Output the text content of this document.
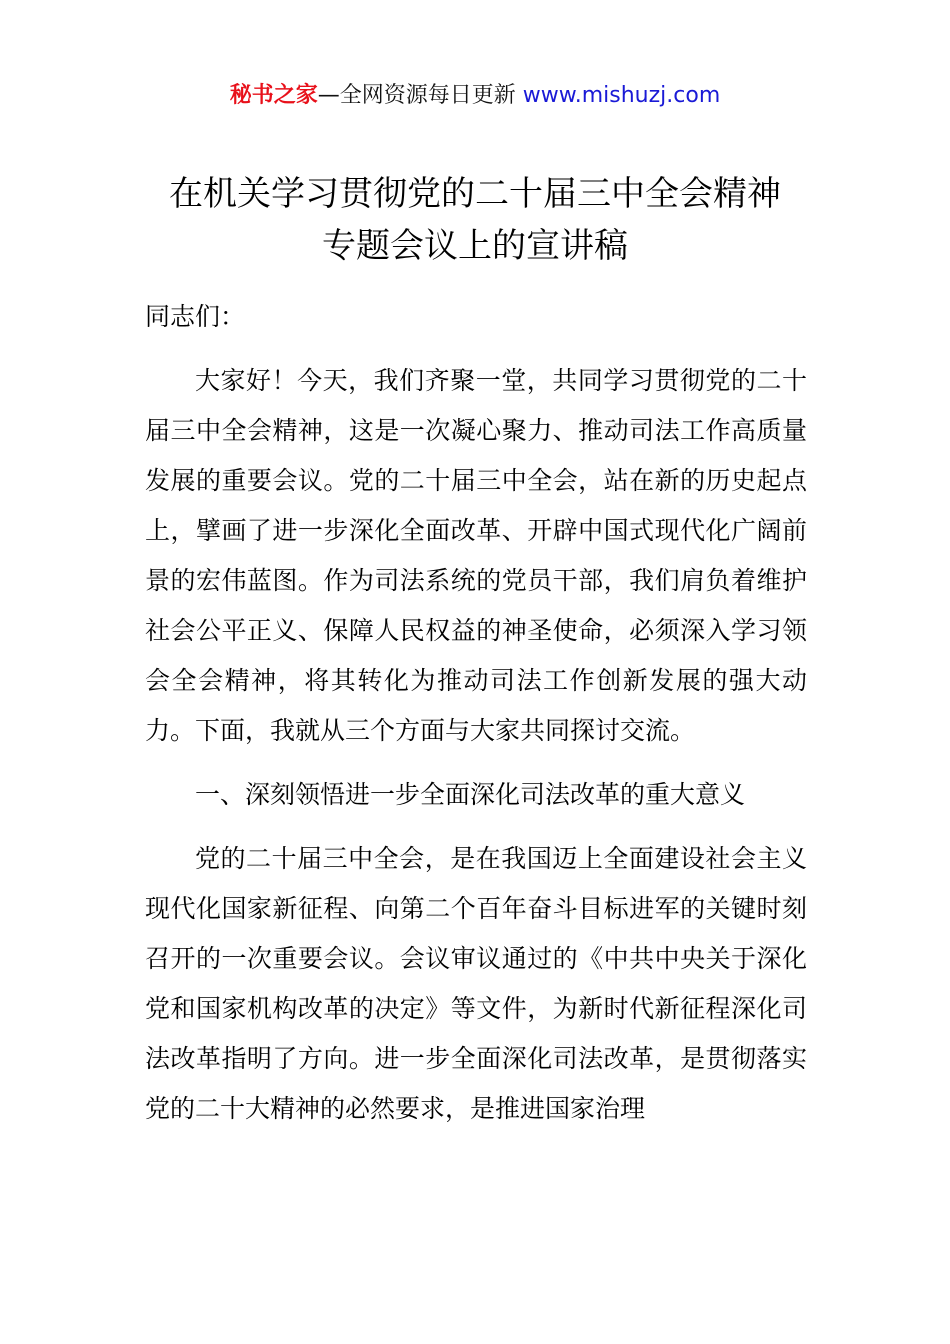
秘书之家—全网资源每日更新 www.mishuzj.com
在机关学习贯彻党的二十届三中全会精神
专题会议上的宣讲稿

同志们：

大家好！今天，我们齐聚一堂，共同学习贯彻党的二十届三中全会精神，这是一次凝心聚力、推动司法工作高质量发展的重要会议。党的二十届三中全会，站在新的历史起点上，擘画了进一步深化全面改革、开辟中国式现代化广阔前景的宏伟蓝图。作为司法系统的党员干部，我们肩负着维护社会公平正义、保障人民权益的神圣使命，必须深入学习领会全会精神，将其转化为推动司法工作创新发展的强大动力。下面，我就从三个方面与大家共同探讨交流。

一、深刻领悟进一步全面深化司法改革的重大意义

党的二十届三中全会，是在我国迈上全面建设社会主义现代化国家新征程、向第二个百年奋斗目标进军的关键时刻召开的一次重要会议。会议审议通过的《中共中央关于深化党和国家机构改革的决定》等文件，为新时代新征程深化司法改革指明了方向。进一步全面深化司法改革，是贯彻落实党的二十大精神的必然要求，是推进国家治理
